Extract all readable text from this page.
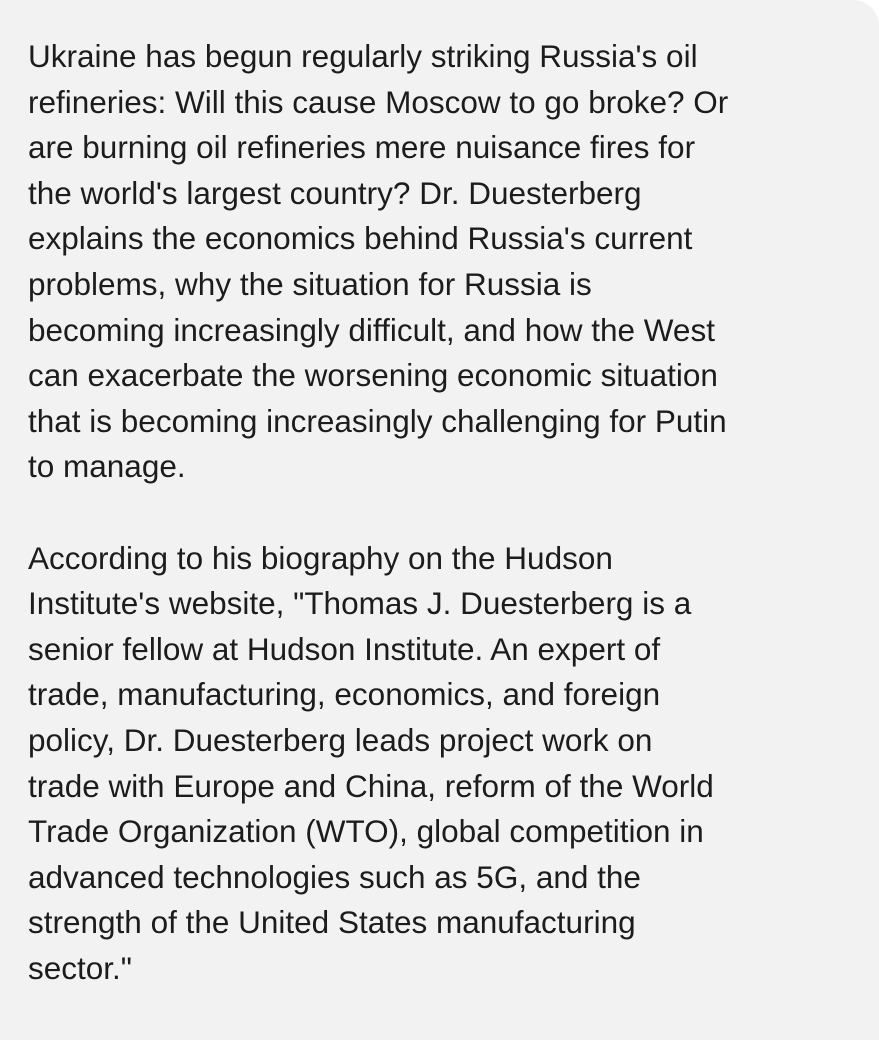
Ukraine has begun regularly striking Russia's oil
refineries: Will this cause Moscow to go broke? Or
are burning oil refineries mere nuisance fires for
the world's largest country? Dr. Duesterberg
explains the economics behind Russia's current
problems, why the situation for Russia is
becoming increasingly difficult, and how the West
can exacerbate the worsening economic situation
that is becoming increasingly challenging for Putin
to manage.
According to his biography on the Hudson
Institute's website, "Thomas J. Duesterberg is a
senior fellow at Hudson Institute. An expert of
trade, manufacturing, economics, and foreign
policy, Dr. Duesterberg leads project work on
trade with Europe and China, reform of the World
Trade Organization (WTO), global competition in
advanced technologies such as 5G, and the
strength of the United States manufacturing
sector."
